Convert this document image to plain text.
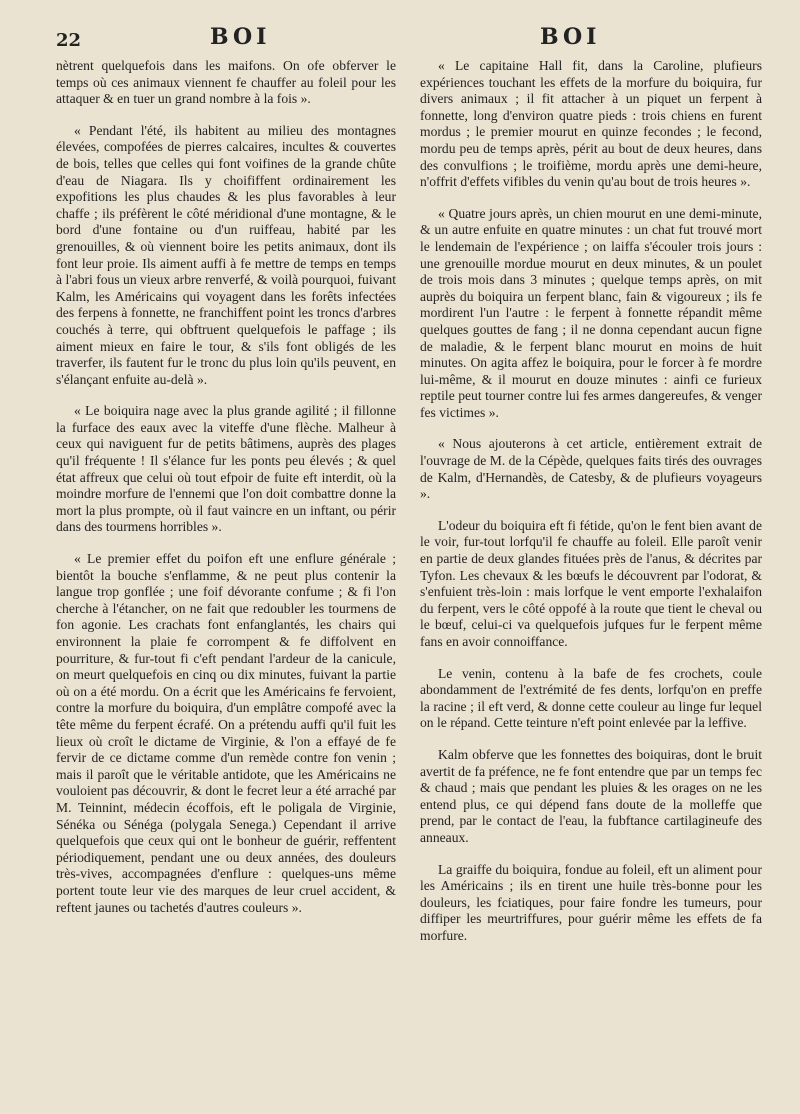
22	BOI	BOI

nètrent quelquefois dans les maifons. On ofe obferver le temps où ces animaux viennent fe chauffer au foleil pour les attaquer & en tuer un grand nombre à la fois ».

« Pendant l'été, ils habitent au milieu des montagnes élevées, compofées de pierres calcaires, incultes & couvertes de bois, telles que celles qui font voifines de la grande chûte d'eau de Niagara. Ils y choififfent ordinairement les expofitions les plus chaudes & les plus favorables à leur chaffe ; ils préfèrent le côté méridional d'une montagne, & le bord d'une fontaine ou d'un ruiffeau, habité par les grenouilles, & où viennent boire les petits animaux, dont ils font leur proie. Ils aiment auffi à fe mettre de temps en temps à l'abri fous un vieux arbre renverfé, & voilà pourquoi, fuivant Kalm, les Américains qui voyagent dans les forêts infectées des ferpens à fonnette, ne franchiffent point les troncs d'arbres couchés à terre, qui obftruent quelquefois le paffage ; ils aiment mieux en faire le tour, & s'ils font obligés de les traverfer, ils fautent fur le tronc du plus loin qu'ils peuvent, en s'élançant enfuite au-delà ».

« Le boiquira nage avec la plus grande agilité ; il fillonne la furface des eaux avec la viteffe d'une flèche. Malheur à ceux qui naviguent fur de petits bâtimens, auprès des plages qu'il fréquente ! Il s'élance fur les ponts peu élevés ; & quel état affreux que celui où tout efpoir de fuite eft interdit, où la moindre morfure de l'ennemi que l'on doit combattre donne la mort la plus prompte, où il faut vaincre en un inftant, ou périr dans des tourmens horribles ».

« Le premier effet du poifon eft une enflure générale ; bientôt la bouche s'enflamme, & ne peut plus contenir la langue trop gonflée ; une foif dévorante confume ; & fi l'on cherche à l'étancher, on ne fait que redoubler les tourmens de fon agonie. Les crachats font enfanglantés, les chairs qui environnent la plaie fe corrompent & fe diffolvent en pourriture, & fur-tout fi c'eft pendant l'ardeur de la canicule, on meurt quelquefois en cinq ou dix minutes, fuivant la partie où on a été mordu. On a écrit que les Américains fe fervoient, contre la morfure du boiquira, d'un emplâtre compofé avec la tête même du ferpent écrafé. On a prétendu auffi qu'il fuit les lieux où croît le dictame de Virginie, & l'on a effayé de fe fervir de ce dictame comme d'un remède contre fon venin ; mais il paroît que le véritable antidote, que les Américains ne vouloient pas découvrir, & dont le fecret leur a été arraché par M. Teinnint, médecin écoffois, eft le poligala de Virginie, Sénéka ou Sénéga (polygala Senega.) Cependant il arrive quelquefois que ceux qui ont le bonheur de guérir, reffentent périodiquement, pendant une ou deux années, des douleurs très-vives, accompagnées d'enflure : quelques-uns même portent toute leur vie des marques de leur cruel accident, & reftent jaunes ou tachetés d'autres couleurs ».

« Le capitaine Hall fit, dans la Caroline, plufieurs expériences touchant les effets de la morfure du boiquira, fur divers animaux ; il fit attacher à un piquet un ferpent à fonnette, long d'environ quatre pieds : trois chiens en furent mordus ; le premier mourut en quinze fecondes ; le fecond, mordu peu de temps après, périt au bout de deux heures, dans des convulfions ; le troifième, mordu après une demi-heure, n'offrit d'effets vifibles du venin qu'au bout de trois heures ».

« Quatre jours après, un chien mourut en une demi-minute, & un autre enfuite en quatre minutes : un chat fut trouvé mort le lendemain de l'expérience ; on laiffa s'écouler trois jours : une grenouille mordue mourut en deux minutes, & un poulet de trois mois dans 3 minutes ; quelque temps après, on mit auprès du boiquira un ferpent blanc, fain & vigoureux ; ils fe mordirent l'un l'autre : le ferpent à fonnette répandit même quelques gouttes de fang ; il ne donna cependant aucun figne de maladie, & le ferpent blanc mourut en moins de huit minutes. On agita affez le boiquira, pour le forcer à fe mordre lui-même, & il mourut en douze minutes : ainfi ce furieux reptile peut tourner contre lui fes armes dangereufes, & venger fes victimes ».

« Nous ajouterons à cet article, entièrement extrait de l'ouvrage de M. de la Cépède, quelques faits tirés des ouvrages de Kalm, d'Hernandès, de Catesby, & de plufieurs voyageurs ».

L'odeur du boiquira eft fi fétide, qu'on le fent bien avant de le voir, fur-tout lorfqu'il fe chauffe au foleil. Elle paroît venir en partie de deux glandes fituées près de l'anus, & décrites par Tyfon. Les chevaux & les bœufs le découvrent par l'odorat, & s'enfuient très-loin : mais lorfque le vent emporte l'exhalaifon du ferpent, vers le côté oppofé à la route que tient le cheval ou le bœuf, celui-ci va quelquefois jufques fur le ferpent même fans en avoir connoiffance.

Le venin, contenu à la bafe de fes crochets, coule abondamment de l'extrémité de fes dents, lorfqu'on en preffe la racine ; il eft verd, & donne cette couleur au linge fur lequel on le répand. Cette teinture n'eft point enlevée par la leffive.

Kalm obferve que les fonnettes des boiquiras, dont le bruit avertit de fa préfence, ne fe font entendre que par un temps fec & chaud ; mais que pendant les pluies & les orages on ne les entend plus, ce qui dépend fans doute de la molleffe que prend, par le contact de l'eau, la fubftance cartilagineufe des anneaux.

La graiffe du boiquira, fondue au foleil, eft un aliment pour les Américains ; ils en tirent une huile très-bonne pour les douleurs, les fciatiques, pour faire fondre les tumeurs, pour diffiper les meurtriffures, pour guérir même les effets de fa morfure.
